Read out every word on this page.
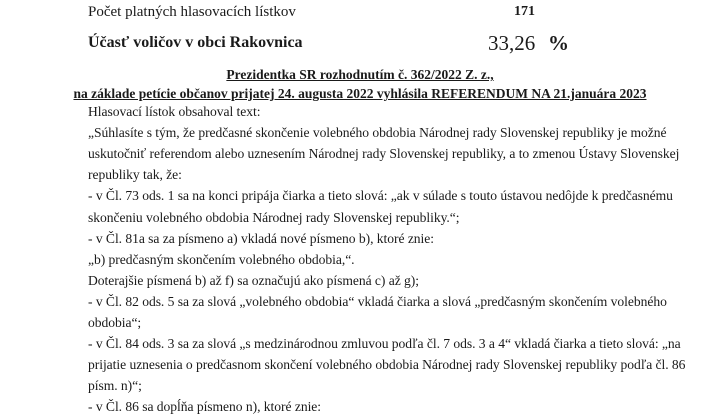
Počet platných hlasovacích lístkov	171
Účasť voličov v obci Rakovnica	33,26 %
Prezidentka SR rozhodnutím č. 362/2022 Z. z.,
na základe petície občanov prijatej 24. augusta 2022 vyhlásila REFERENDUM NA 21.januára 2023
Hlasovací lístok obsahoval text:
„Súhlasíte s tým, že predčasné skončenie volebného obdobia Národnej rady Slovenskej republiky je možné
uskutočniť referendom alebo uznesením Národnej rady Slovenskej republiky, a to zmenou Ústavy Slovenskej
republiky tak, že:
- v Čl. 73 ods. 1 sa na konci pripája čiarka a tieto slová: „ak v súlade s touto ústavou nedôjde k predčasnému
skončeniu volebného obdobia Národnej rady Slovenskej republiky.“;
- v Čl. 81a sa za písmeno a) vkladá nové písmeno b), ktoré znie:
„b) predčasným skončením volebného obdobia,“.
Doterajšie písmená b) až f) sa označujú ako písmená c) až g);
- v Čl. 82 ods. 5 sa za slová „volebného obdobia“ vkladá čiarka a slová „predčasným skončením volebného
obdobia“;
- v Čl. 84 ods. 3 sa za slová „s medzinárodnou zmluvou podľa čl. 7 ods. 3 a 4“ vkladá čiarka a tieto slová: „na
prijatie uznesenia o predčasnom skončení volebného obdobia Národnej rady Slovenskej republiky podľa čl. 86
písm. n)“;
- v Čl. 86 sa dopĺňa písmeno n), ktoré znie:
